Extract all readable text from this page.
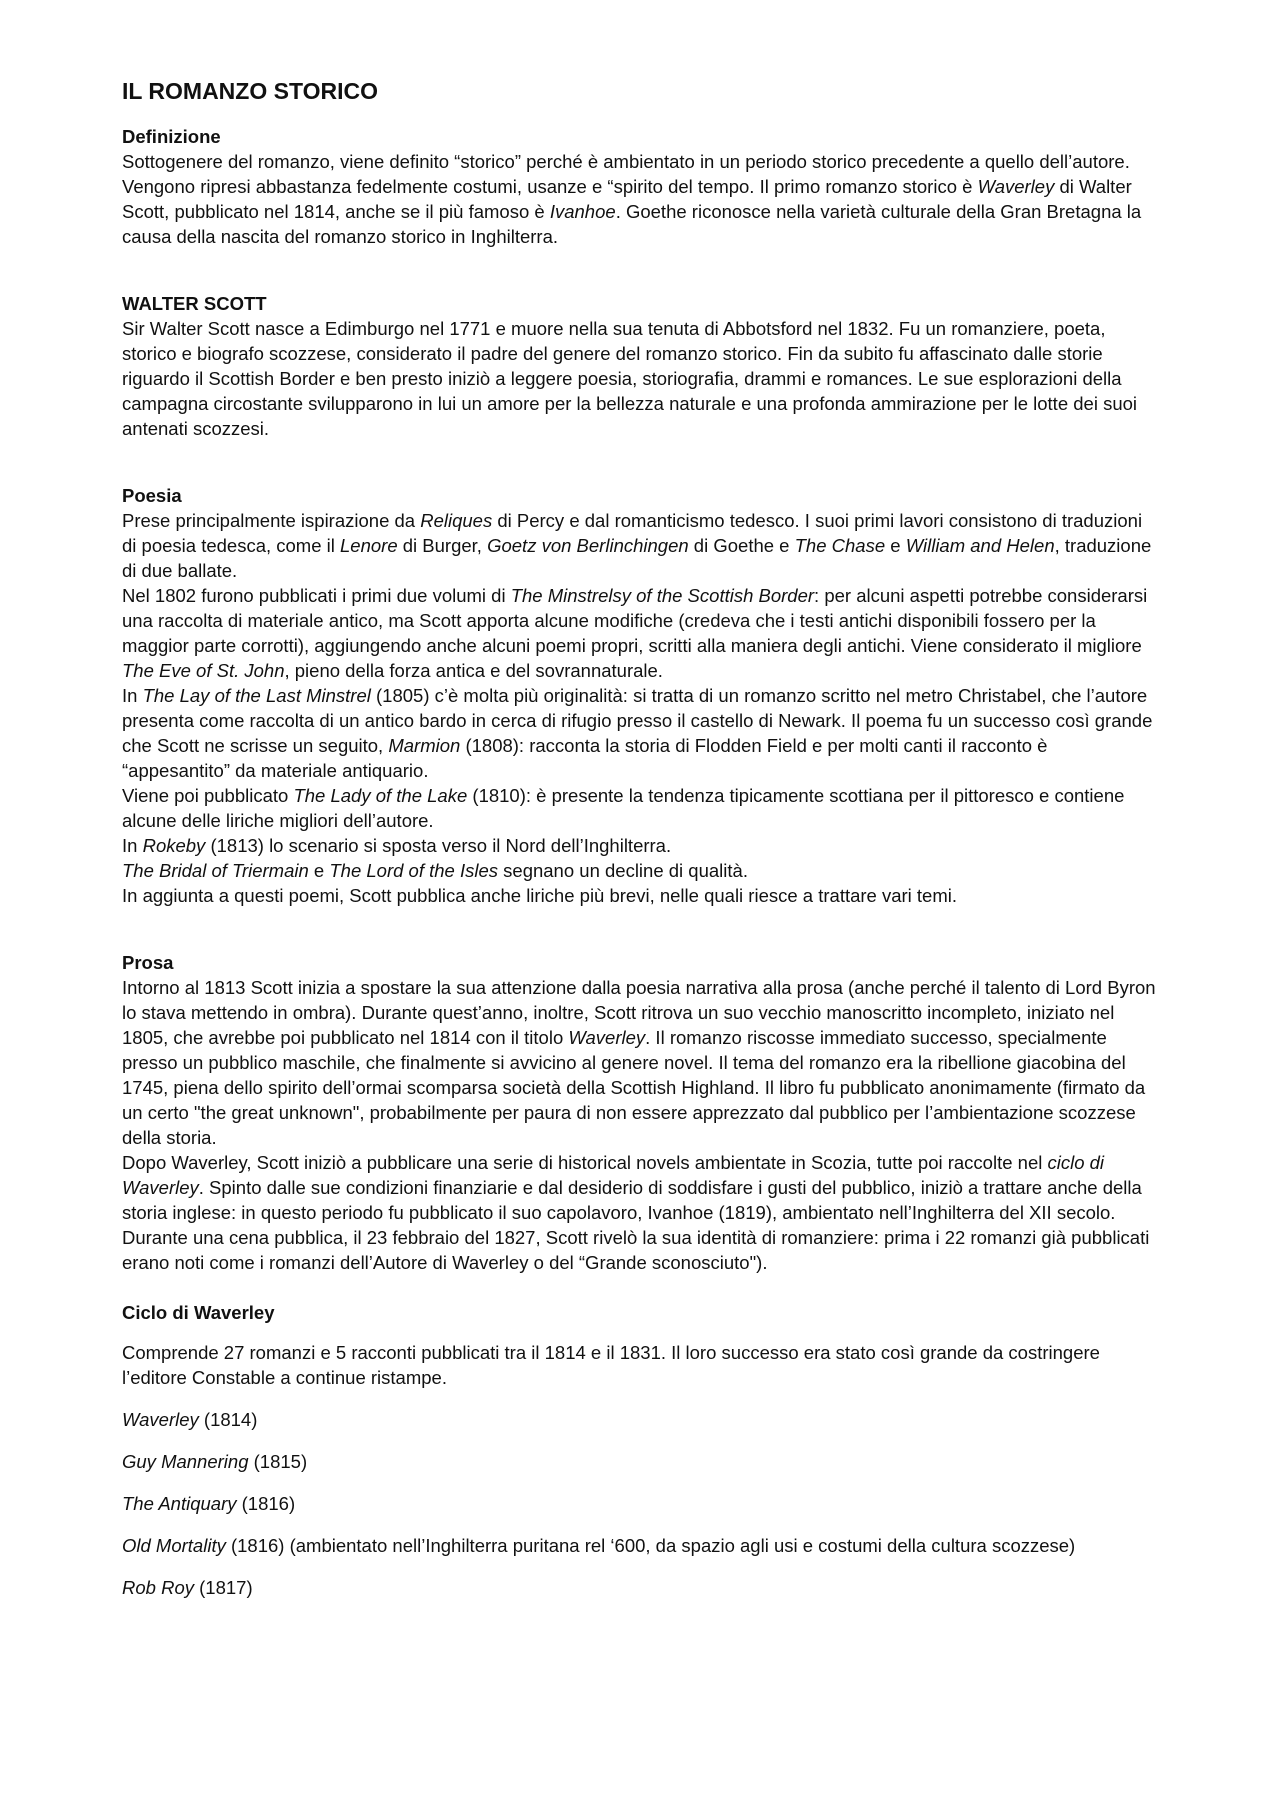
IL ROMANZO STORICO
Definizione

Sottogenere del romanzo, viene definito “storico” perché è ambientato in un periodo storico precedente a quello dell’autore. Vengono ripresi abbastanza fedelmente costumi, usanze e “spirito del tempo. Il primo romanzo storico è Waverley di Walter Scott, pubblicato nel 1814, anche se il più famoso è Ivanhoe. Goethe riconosce nella varietà culturale della Gran Bretagna la causa della nascita del romanzo storico in Inghilterra.

WALTER SCOTT

Sir Walter Scott nasce a Edimburgo nel 1771 e muore nella sua tenuta di Abbotsford nel 1832. Fu un romanziere, poeta, storico e biografo scozzese, considerato il padre del genere del romanzo storico. Fin da subito fu affascinato dalle storie riguardo il Scottish Border e ben presto iniziò a leggere poesia, storiografia, drammi e romances. Le sue esplorazioni della campagna circostante svilupparono in lui un amore per la bellezza naturale e una profonda ammirazione per le lotte dei suoi antenati scozzesi.

Poesia

Prese principalmente ispirazione da Reliques di Percy e dal romanticismo tedesco. I suoi primi lavori consistono di traduzioni di poesia tedesca, come il Lenore di Burger, Goetz von Berlinchingen di Goethe e The Chase e William and Helen, traduzione di due ballate.

Nel 1802 furono pubblicati i primi due volumi di The Minstrelsy of the Scottish Border: per alcuni aspetti potrebbe considerarsi una raccolta di materiale antico, ma Scott apporta alcune modifiche (credeva che i testi antichi disponibili fossero per la maggior parte corrotti), aggiungendo anche alcuni poemi propri, scritti alla maniera degli antichi. Viene considerato il migliore The Eve of St. John, pieno della forza antica e del sovrannaturale.

In The Lay of the Last Minstrel (1805) c’è molta più originalità: si tratta di un romanzo scritto nel metro Christabel, che l’autore presenta come raccolta di un antico bardo in cerca di rifugio presso il castello di Newark. Il poema fu un successo così grande che Scott ne scrisse un seguito, Marmion (1808): racconta la storia di Flodden Field e per molti canti il racconto è “appesantito” da materiale antiquario.

Viene poi pubblicato The Lady of the Lake (1810): è presente la tendenza tipicamente scottiana per il pittoresco e contiene alcune delle liriche migliori dell’autore.

In Rokeby (1813) lo scenario si sposta verso il Nord dell’Inghilterra.

The Bridal of Triermain e The Lord of the Isles segnano un decline di qualità.

In aggiunta a questi poemi, Scott pubblica anche liriche più brevi, nelle quali riesce a trattare vari temi.

Prosa

Intorno al 1813 Scott inizia a spostare la sua attenzione dalla poesia narrativa alla prosa (anche perché il talento di Lord Byron lo stava mettendo in ombra). Durante quest’anno, inoltre, Scott ritrova un suo vecchio manoscritto incompleto, iniziato nel 1805, che avrebbe poi pubblicato nel 1814 con il titolo Waverley. Il romanzo riscosse immediato successo, specialmente presso un pubblico maschile, che finalmente si avvicino al genere novel. Il tema del romanzo era la ribellione giacobina del 1745, piena dello spirito dell’ormai scomparsa società della Scottish Highland. Il libro fu pubblicato anonimamente (firmato da un certo "the great unknown", probabilmente per paura di non essere apprezzato dal pubblico per l’ambientazione scozzese della storia.

Dopo Waverley, Scott iniziò a pubblicare una serie di historical novels ambientate in Scozia, tutte poi raccolte nel ciclo di Waverley. Spinto dalle sue condizioni finanziarie e dal desiderio di soddisfare i gusti del pubblico, iniziò a trattare anche della storia inglese: in questo periodo fu pubblicato il suo capolavoro, Ivanhoe (1819), ambientato nell’Inghilterra del XII secolo.

Durante una cena pubblica, il 23 febbraio del 1827, Scott rivelò la sua identità di romanziere: prima i 22 romanzi già pubblicati erano noti come i romanzi dell’Autore di Waverley o del “Grande sconosciuto").

Ciclo di Waverley

Comprende 27 romanzi e 5 racconti pubblicati tra il 1814 e il 1831. Il loro successo era stato così grande da costringere l’editore Constable a continue ristampe.

Waverley (1814)

Guy Mannering (1815)

The Antiquary (1816)

Old Mortality (1816) (ambientato nell’Inghilterra puritana rel ‘600, da spazio agli usi e costumi della cultura scozzese)

Rob Roy (1817)
